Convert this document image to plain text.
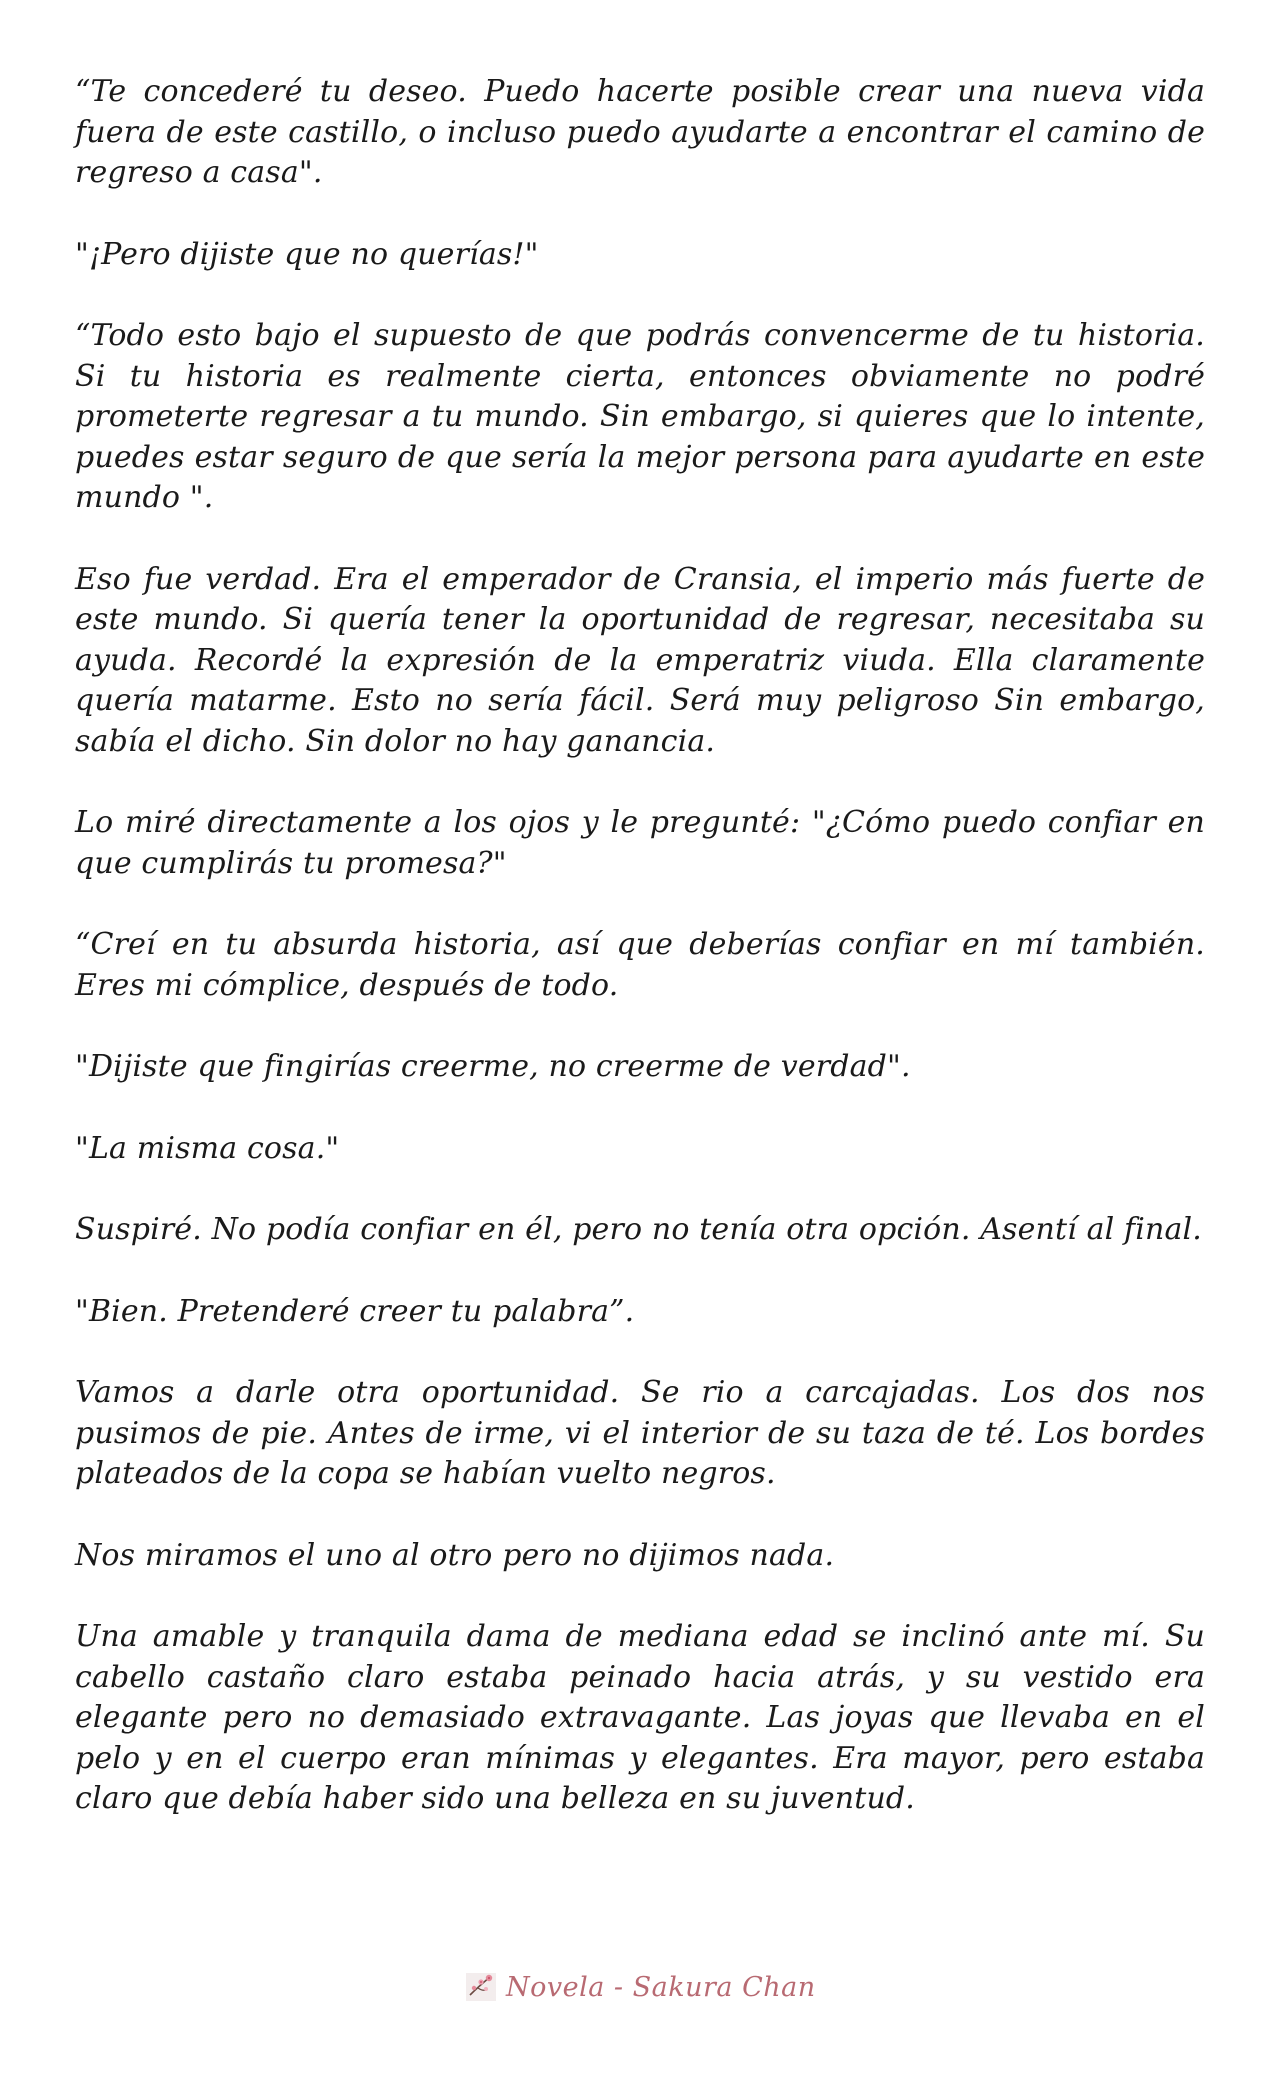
“Te concederé tu deseo. Puedo hacerte posible crear una nueva vida fuera de este castillo, o incluso puedo ayudarte a encontrar el camino de regreso a casa".

"¡Pero dijiste que no querías!"

“Todo esto bajo el supuesto de que podrás convencerme de tu historia. Si tu historia es realmente cierta, entonces obviamente no podré prometerte regresar a tu mundo. Sin embargo, si quieres que lo intente, puedes estar seguro de que sería la mejor persona para ayudarte en este mundo ".

Eso fue verdad. Era el emperador de Cransia, el imperio más fuerte de este mundo. Si quería tener la oportunidad de regresar, necesitaba su ayuda. Recordé la expresión de la emperatriz viuda. Ella claramente quería matarme. Esto no sería fácil. Será muy peligroso Sin embargo, sabía el dicho. Sin dolor no hay ganancia.

Lo miré directamente a los ojos y le pregunté: "¿Cómo puedo confiar en que cumplirás tu promesa?"

“Creí en tu absurda historia, así que deberías confiar en mí también. Eres mi cómplice, después de todo.

"Dijiste que fingirías creerme, no creerme de verdad".

"La misma cosa."

Suspiré. No podía confiar en él, pero no tenía otra opción. Asentí al final.

"Bien. Pretenderé creer tu palabra”.

Vamos a darle otra oportunidad. Se rio a carcajadas. Los dos nos pusimos de pie. Antes de irme, vi el interior de su taza de té. Los bordes plateados de la copa se habían vuelto negros.

Nos miramos el uno al otro pero no dijimos nada.

Una amable y tranquila dama de mediana edad se inclinó ante mí. Su cabello castaño claro estaba peinado hacia atrás, y su vestido era elegante pero no demasiado extravagante. Las joyas que llevaba en el pelo y en el cuerpo eran mínimas y elegantes. Era mayor, pero estaba claro que debía haber sido una belleza en su juventud.

Novela - Sakura Chan
